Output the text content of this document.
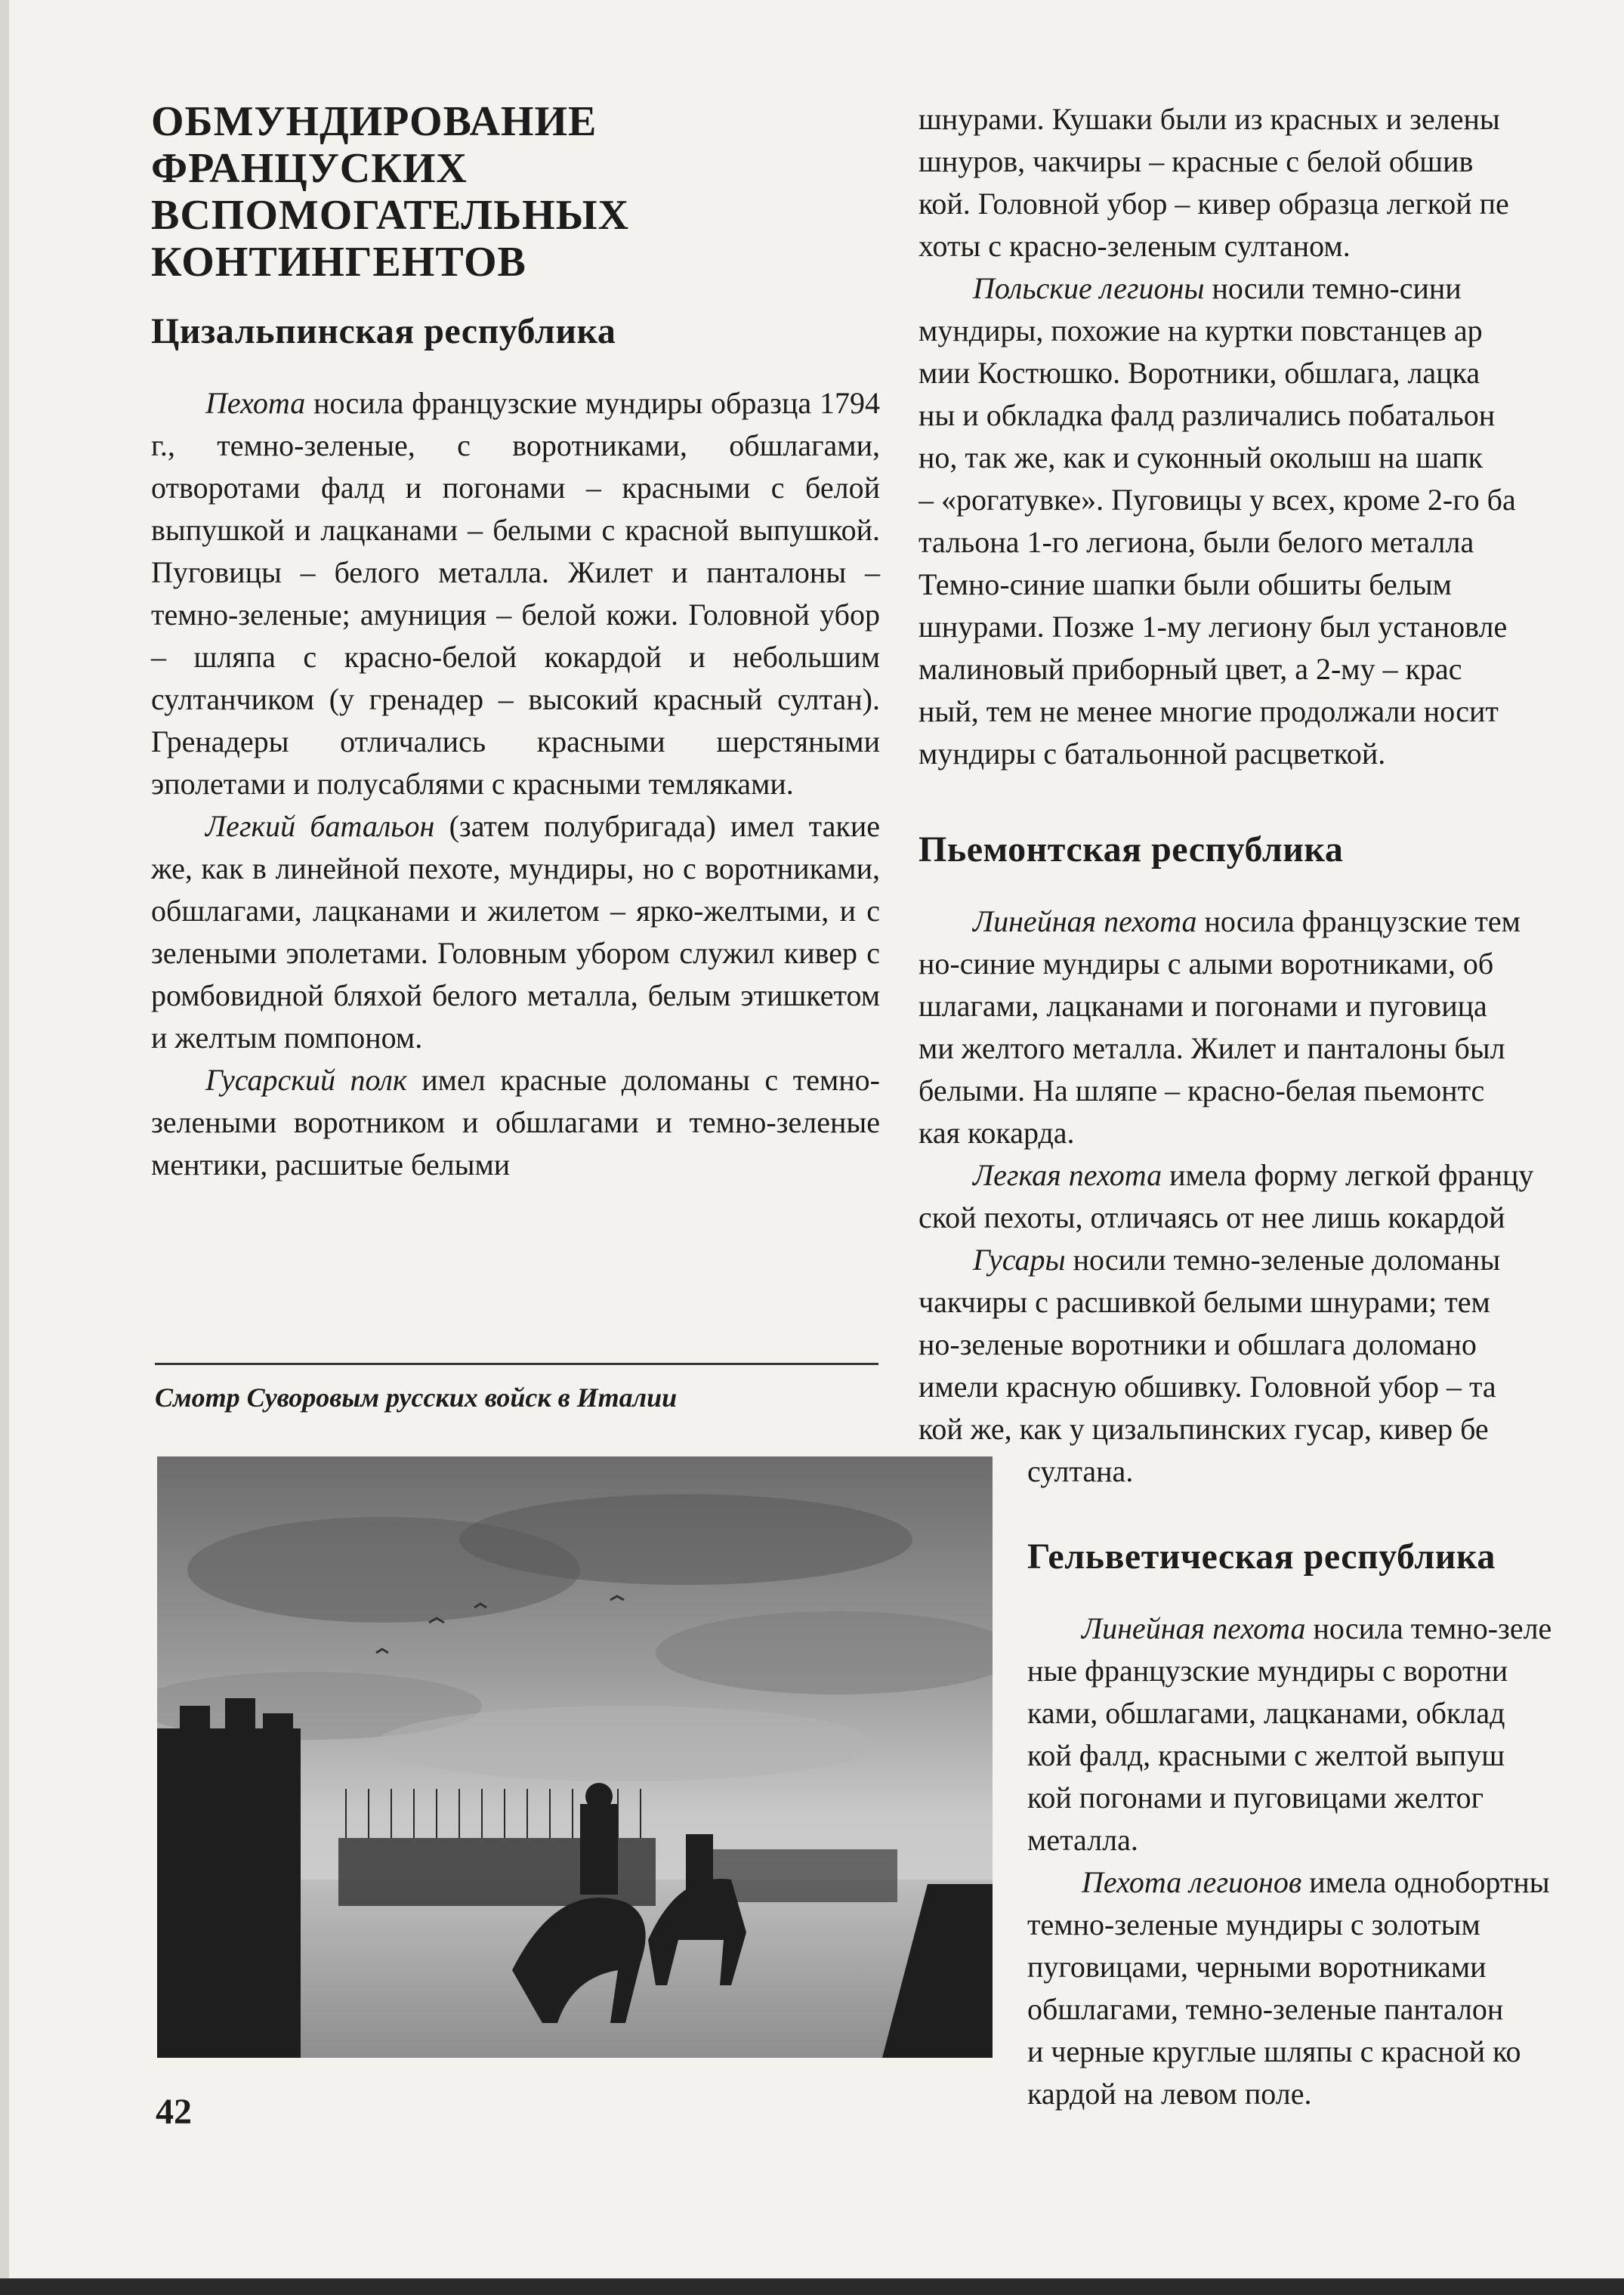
ОБМУНДИРОВАНИЕ
ФРАНЦУСКИХ
ВСПОМОГАТЕЛЬНЫХ
КОНТИНГЕНТОВ
Цизальпинская республика

Пехота носила французские мундиры образца 1794 г., темно-зеленые, с воротниками, обшлагами, отворотами фалд и погонами – красными с белой выпушкой и лацканами – белыми с красной выпушкой. Пуговицы – белого металла. Жилет и панталоны – темно-зеленые; амуниция – белой кожи. Головной убор – шляпа с красно-белой кокардой и небольшим султанчиком (у гренадер – высокий красный султан). Гренадеры отличались красными шерстяными эполетами и полусаблями с красными темляками.

Легкий батальон (затем полубригада) имел такие же, как в линейной пехоте, мундиры, но с воротниками, обшлагами, лацканами и жилетом – ярко-желтыми, и с зелеными эполетами. Головным убором служил кивер с ромбовидной бляхой белого металла, белым этишкетом и желтым помпоном.

Гусарский полк имел красные доломаны с темно-зелеными воротником и обшлагами и темно-зеленые ментики, расшитые белыми

Смотр Суворовым русских войск в Италии
42
шнурами. Кушаки были из красных и зелены
шнуров, чакчиры – красные с белой обшив
кой. Головной убор – кивер образца легкой пе
хоты с красно-зеленым султаном.
Польские легионы носили темно-сини
мундиры, похожие на куртки повстанцев ар
мии Костюшко. Воротники, обшлага, лацка
ны и обкладка фалд различались побатальон
но, так же, как и суконный околыш на шапк
– «рогатувке». Пуговицы у всех, кроме 2-го ба
тальона 1-го легиона, были белого металла
Темно-синие шапки были обшиты белым
шнурами. Позже 1-му легиону был установле
малиновый приборный цвет, а 2-му – крас
ный, тем не менее многие продолжали носит
мундиры с батальонной расцветкой.
Пьемонтская республика
Линейная пехота носила французские тем
но-синие мундиры с алыми воротниками, об
шлагами, лацканами и погонами и пуговица
ми желтого металла. Жилет и панталоны был
белыми. На шляпе – красно-белая пьемонтс
кая кокарда.
Легкая пехота имела форму легкой францу
ской пехоты, отличаясь от нее лишь кокардой
Гусары носили темно-зеленые доломаны
чакчиры с расшивкой белыми шнурами; тем
но-зеленые воротники и обшлага доломано
имели красную обшивку. Головной убор – та
кой же, как у цизальпинских гусар, кивер бе
султана.
Гельветическая республика
Линейная пехота носила темно-зеле
ные французские мундиры с воротни
ками, обшлагами, лацканами, обклад
кой фалд, красными с желтой выпуш
кой погонами и пуговицами желтог
металла.
Пехота легионов имела однобортны
темно-зеленые мундиры с золотым
пуговицами, черными воротниками
обшлагами, темно-зеленые панталон
и черные круглые шляпы с красной ко
кардой на левом поле.
